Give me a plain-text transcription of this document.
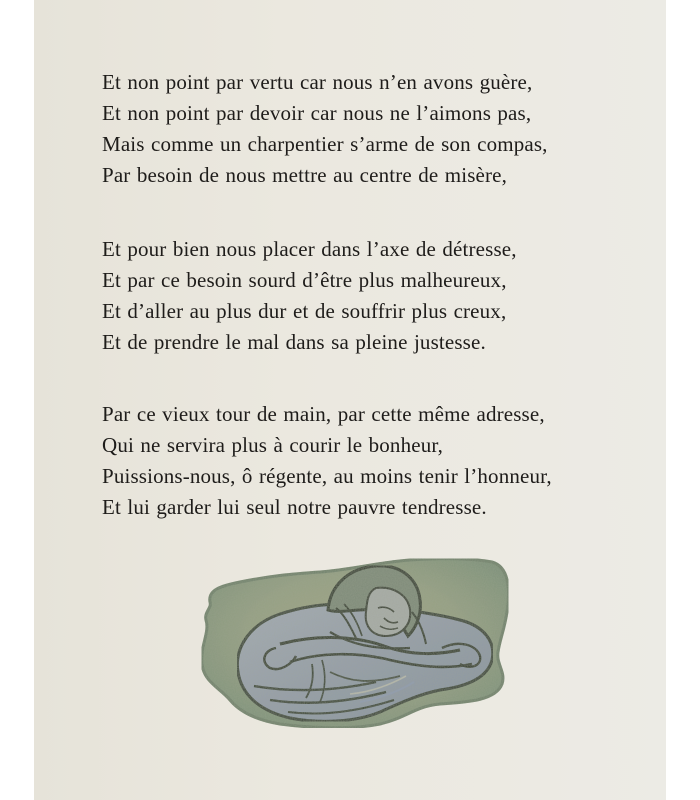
Et non point par vertu car nous n’en avons guère,
Et non point par devoir car nous ne l’aimons pas,
Mais comme un charpentier s’arme de son compas,
Par besoin de nous mettre au centre de misère,
Et pour bien nous placer dans l’axe de détresse,
Et par ce besoin sourd d’être plus malheureux,
Et d’aller au plus dur et de souffrir plus creux,
Et de prendre le mal dans sa pleine justesse.
Par ce vieux tour de main, par cette même adresse,
Qui ne servira plus à courir le bonheur,
Puissions-nous, ô régente, au moins tenir l’honneur,
Et lui garder lui seul notre pauvre tendresse.
